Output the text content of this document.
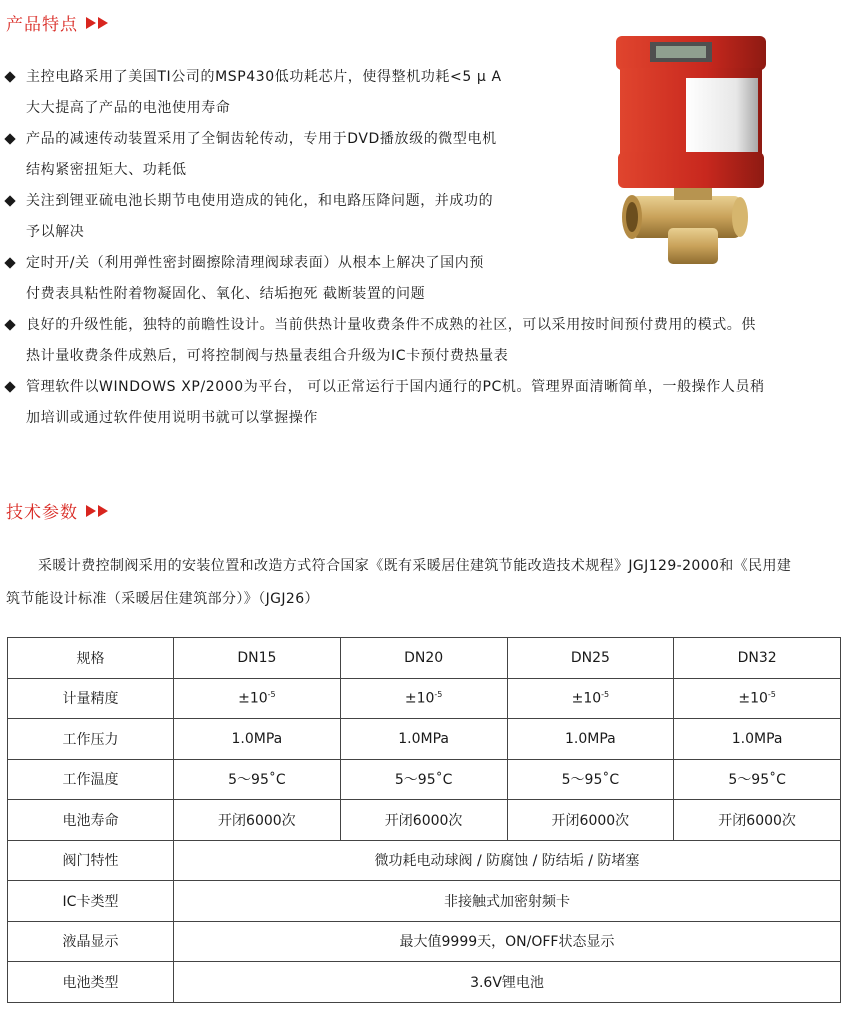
产品特点
主控电路采用了美国TI公司的MSP430低功耗芯片，使得整机功耗<5 μ A
大大提高了产品的电池使用寿命
产品的减速传动装置采用了全铜齿轮传动，专用于DVD播放级的微型电机
结构紧密扭矩大、功耗低
关注到锂亚硫电池长期节电使用造成的钝化，和电路压降问题，并成功的
予以解决
定时开/关（利用弹性密封圈擦除清理阀球表面）从根本上解决了国内预
付费表具粘性附着物凝固化、氧化、结垢抱死 截断装置的问题
良好的升级性能，独特的前瞻性设计。当前供热计量收费条件不成熟的社区，可以采用按时间预付费用的模式。供
热计量收费条件成熟后，可将控制阀与热量表组合升级为IC卡预付费热量表
管理软件以WINDOWS XP/2000为平台， 可以正常运行于国内通行的PC机。管理界面清晰简单，一般操作人员稍
加培训或通过软件使用说明书就可以掌握操作
技术参数
采暖计费控制阀采用的安装位置和改造方式符合国家《既有采暖居住建筑节能改造技术规程》JGJ129-2000和《民用建
筑节能设计标准（采暖居住建筑部分）》（JGJ26）
规格	DN15	DN20	DN25	DN32
计量精度	$\pm 10^{-5}$	$\pm 10^{-5}$	$\pm 10^{-5}$	$\pm 10^{-5}$
工作压力	1.0MPa	1.0MPa	1.0MPa	1.0MPa
工作温度	5～95˚C	5～95˚C	5～95˚C	5～95˚C
电池寿命	开闭6000次	开闭6000次	开闭6000次	开闭6000次
阀门特性	微功耗电动球阀 / 防腐蚀 / 防结垢 / 防堵塞			
IC卡类型	非接触式加密射频卡			
液晶显示	最大值9999天，ON/OFF状态显示			
电池类型	3.6V锂电池			
